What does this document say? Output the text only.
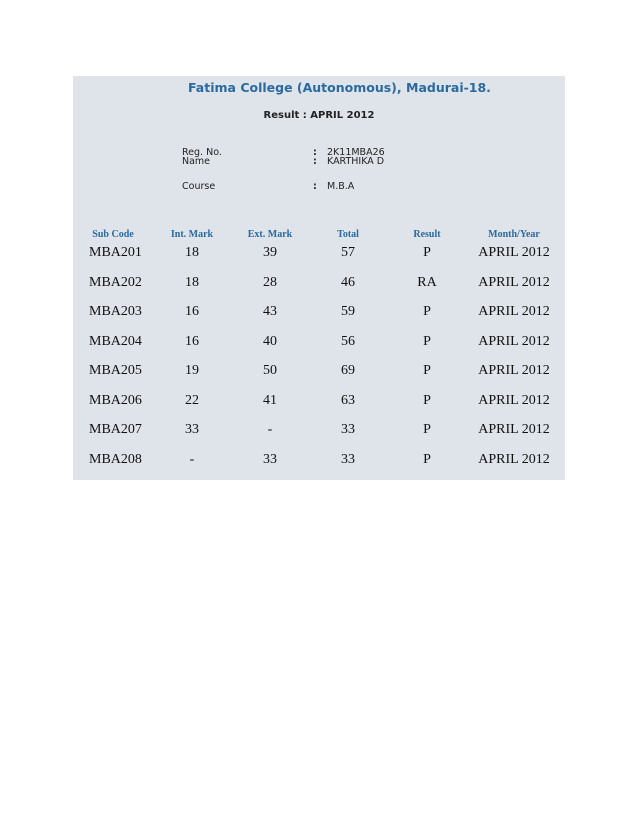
Fatima College (Autonomous), Madurai-18.
Result : APRIL 2012
Reg. No.	: 2K11MBA26
Name	: KARTHIKA D
Course	: M.B.A
Sub Code	Int. Mark	Ext. Mark	Total	Result	Month/Year
MBA201	18	39	57	P	APRIL 2012
MBA202	18	28	46	RA	APRIL 2012
MBA203	16	43	59	P	APRIL 2012
MBA204	16	40	56	P	APRIL 2012
MBA205	19	50	69	P	APRIL 2012
MBA206	22	41	63	P	APRIL 2012
MBA207	33	-	33	P	APRIL 2012
MBA208	-	33	33	P	APRIL 2012
